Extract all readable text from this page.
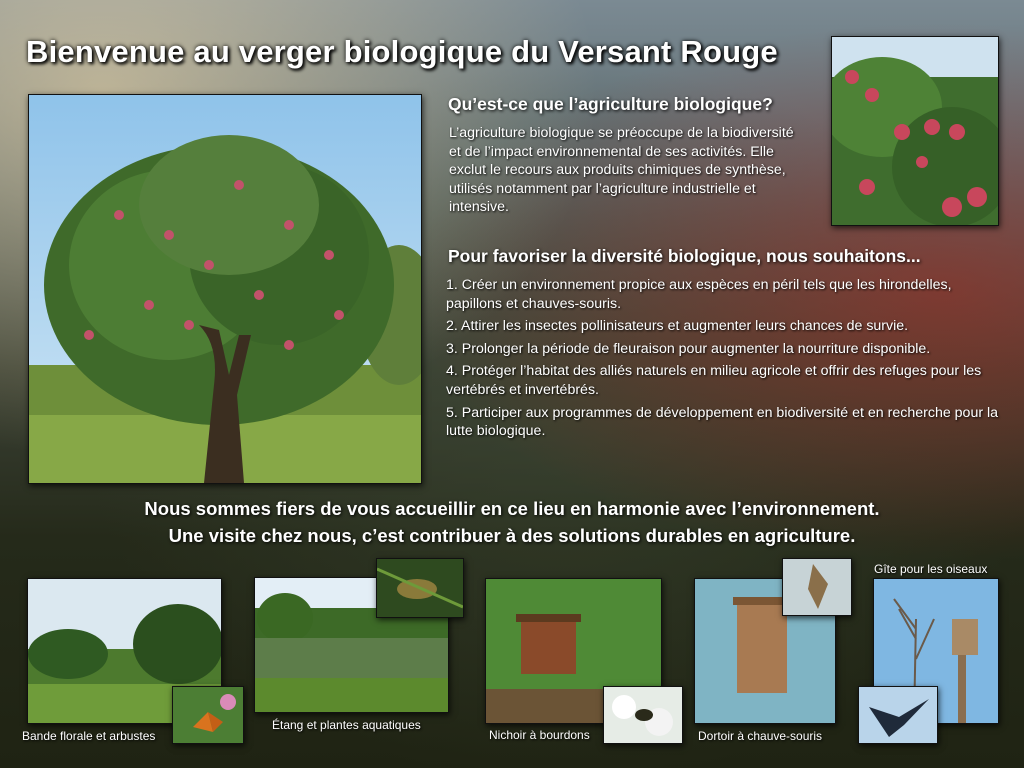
Bienvenue au verger biologique du Versant Rouge
Qu’est-ce que l’agriculture biologique?

L’agriculture biologique se préoccupe de la biodiversité et de l’impact environnemental de ses activités. Elle exclut le recours aux produits chimiques de synthèse, utilisés notamment par l’agriculture industrielle et intensive.

Pour favoriser la diversité biologique, nous souhaitons...
1. Créer un environnement propice aux espèces en péril tels que les hirondelles, papillons et chauves-souris.
2. Attirer les insectes pollinisateurs et augmenter leurs chances de survie.
3. Prolonger la période de fleuraison pour augmenter la nourriture disponible.
4. Protéger l’habitat des alliés naturels en milieu agricole et offrir des refuges pour les vertébrés et invertébrés.
5. Participer aux programmes de développement en biodiversité et en recherche pour la lutte biologique.

Nous sommes fiers de vous accueillir en ce lieu en harmonie avec l’environnement.

Une visite chez nous, c’est contribuer à des solutions durables en agriculture.

Bande florale et arbustes

Étang et plantes aquatiques

Nichoir à bourdons	Dortoir à chauve-souris

Gîte pour les oiseaux
